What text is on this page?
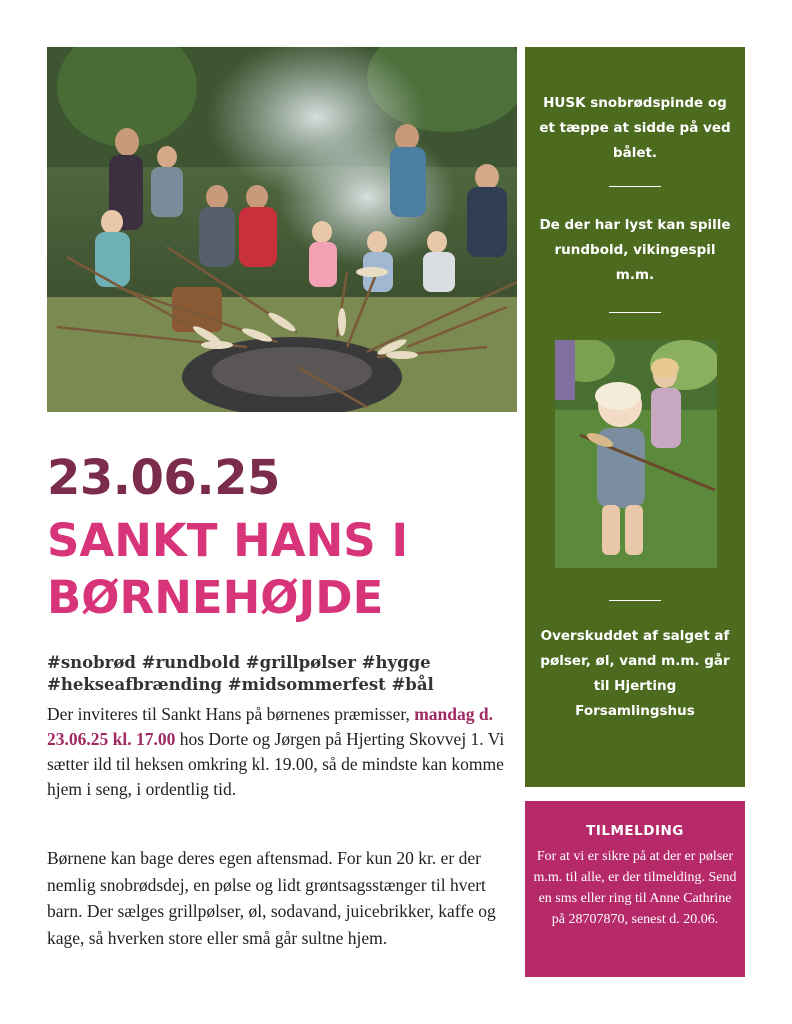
23.06.25
SANKT HANS I
BØRNEHØJDE
#snobrød #rundbold #grillpølser #hygge
#hekseafbrænding #midsommerfest #bål

Der inviteres til Sankt Hans på børnenes præmisser, mandag d. 23.06.25 kl. 17.00 hos Dorte og Jørgen på Hjerting Skovvej 1. Vi sætter ild til heksen omkring kl. 19.00, så de mindste kan komme hjem i seng, i ordentlig tid.

Børnene kan bage deres egen aftensmad. For kun 20 kr. er der nemlig snobrødsdej, en pølse og lidt grøntsagsstænger til hvert barn. Der sælges grillpølser, øl, sodavand, juicebrikker, kaffe og kage, så hverken store eller små går sultne hjem.

HUSK snobrødspinde og et tæppe at sidde på ved bålet.
De der har lyst kan spille rundbold, vikingespil m.m.
Overskuddet af salget af pølser, øl, vand m.m. går til Hjerting Forsamlingshus
TILMELDING
For at vi er sikre på at der er pølser m.m. til alle, er der tilmelding. Send en sms eller ring til Anne Cathrine på 28707870, senest d. 20.06.
